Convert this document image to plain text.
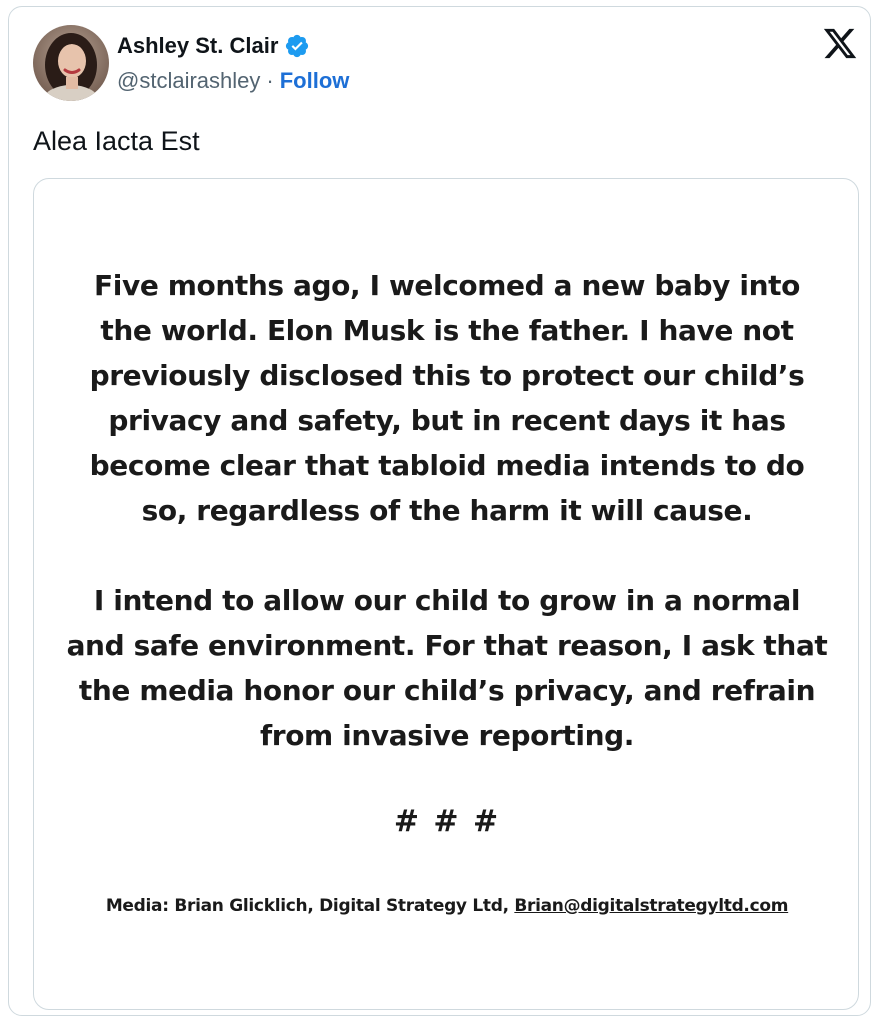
Ashley St. Clair
@stclairashley · Follow
Alea Iacta Est
Five months ago, I welcomed a new baby into
the world. Elon Musk is the father. I have not
previously disclosed this to protect our child’s
privacy and safety, but in recent days it has
become clear that tabloid media intends to do
so, regardless of the harm it will cause.
I intend to allow our child to grow in a normal
and safe environment. For that reason, I ask that
the media honor our child’s privacy, and refrain
from invasive reporting.
# # #
Media: Brian Glicklich, Digital Strategy Ltd, Brian@digitalstrategyltd.com
